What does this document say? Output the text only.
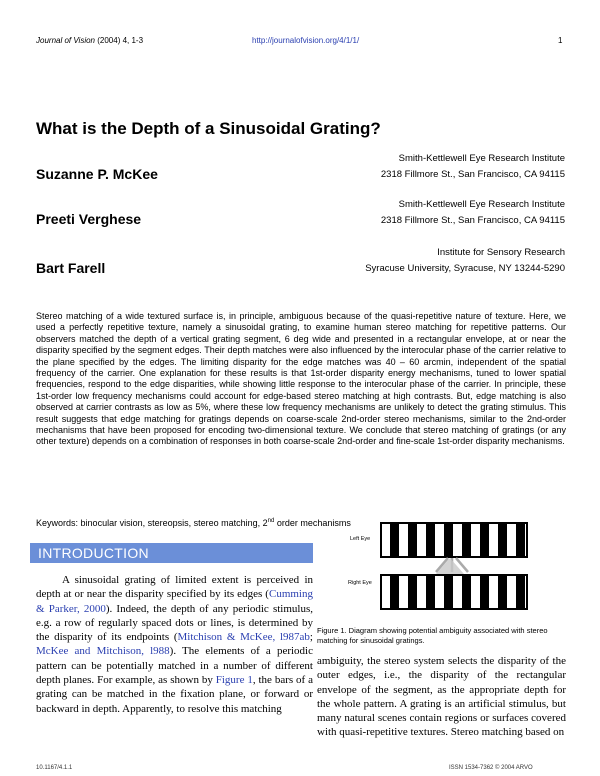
Journal of Vision (2004) 4, 1-3	http://journalofvision.org/4/1/1/	1
What is the Depth of a Sinusoidal Grating?
Suzanne P. McKee
Smith-Kettlewell Eye Research Institute
2318 Fillmore St., San Francisco, CA 94115
Preeti Verghese
Smith-Kettlewell Eye Research Institute
2318 Fillmore St., San Francisco, CA 94115
Bart Farell
Institute for Sensory Research
Syracuse University, Syracuse, NY 13244-5290
Stereo matching of a wide textured surface is, in principle, ambiguous because of the quasi-repetitive nature of texture. Here, we used a perfectly repetitive texture, namely a sinusoidal grating, to examine human stereo matching for repetitive patterns. Our observers matched the depth of a vertical grating segment, 6 deg wide and presented in a rectangular envelope, at or near the disparity specified by the segment edges. Their depth matches were also influenced by the interocular phase of the carrier relative to the plane specified by the edges. The limiting disparity for the edge matches was 40 – 60 arcmin, independent of the spatial frequency of the carrier. One explanation for these results is that 1st-order disparity energy mechanisms, tuned to lower spatial frequencies, respond to the edge disparities, while showing little response to the interocular phase of the carrier. In principle, these 1st-order low frequency mechanisms could account for edge-based stereo matching at high contrasts. But, edge matching is also observed at carrier contrasts as low as 5%, where these low frequency mechanisms are unlikely to detect the grating stimulus. This result suggests that edge matching for gratings depends on coarse-scale 2nd-order stereo mechanisms, similar to the 2nd-order mechanisms that have been proposed for encoding two-dimensional texture. We conclude that stereo matching of gratings (or any other texture) depends on a combination of responses in both coarse-scale 2nd-order and fine-scale 1st-order disparity mechanisms.
Keywords: binocular vision, stereopsis, stereo matching, 2nd order mechanisms
INTRODUCTION
A sinusoidal grating of limited extent is perceived in depth at or near the disparity specified by its edges (Cumming & Parker, 2000). Indeed, the depth of any periodic stimulus, e.g. a row of regularly spaced dots or lines, is determined by the disparity of its endpoints (Mitchison & McKee, l987ab; McKee and Mitchison, l988). The elements of a periodic pattern can be potentially matched in a number of different depth planes. For example, as shown by Figure 1, the bars of a grating can be matched in the fixation plane, or forward or backward in depth. Apparently, to resolve this matching
Left Eye
Right Eye
Figure 1. Diagram showing potential ambiguity associated with stereo matching for sinusoidal gratings.
ambiguity, the stereo system selects the disparity of the outer edges, i.e., the disparity of the rectangular envelope of the segment, as the appropriate depth for the whole pattern. A grating is an artificial stimulus, but many natural scenes contain regions or surfaces covered with quasi-repetitive textures. Stereo matching based on
10.1167/4.1.1	ISSN 1534-7362 © 2004 ARVO
